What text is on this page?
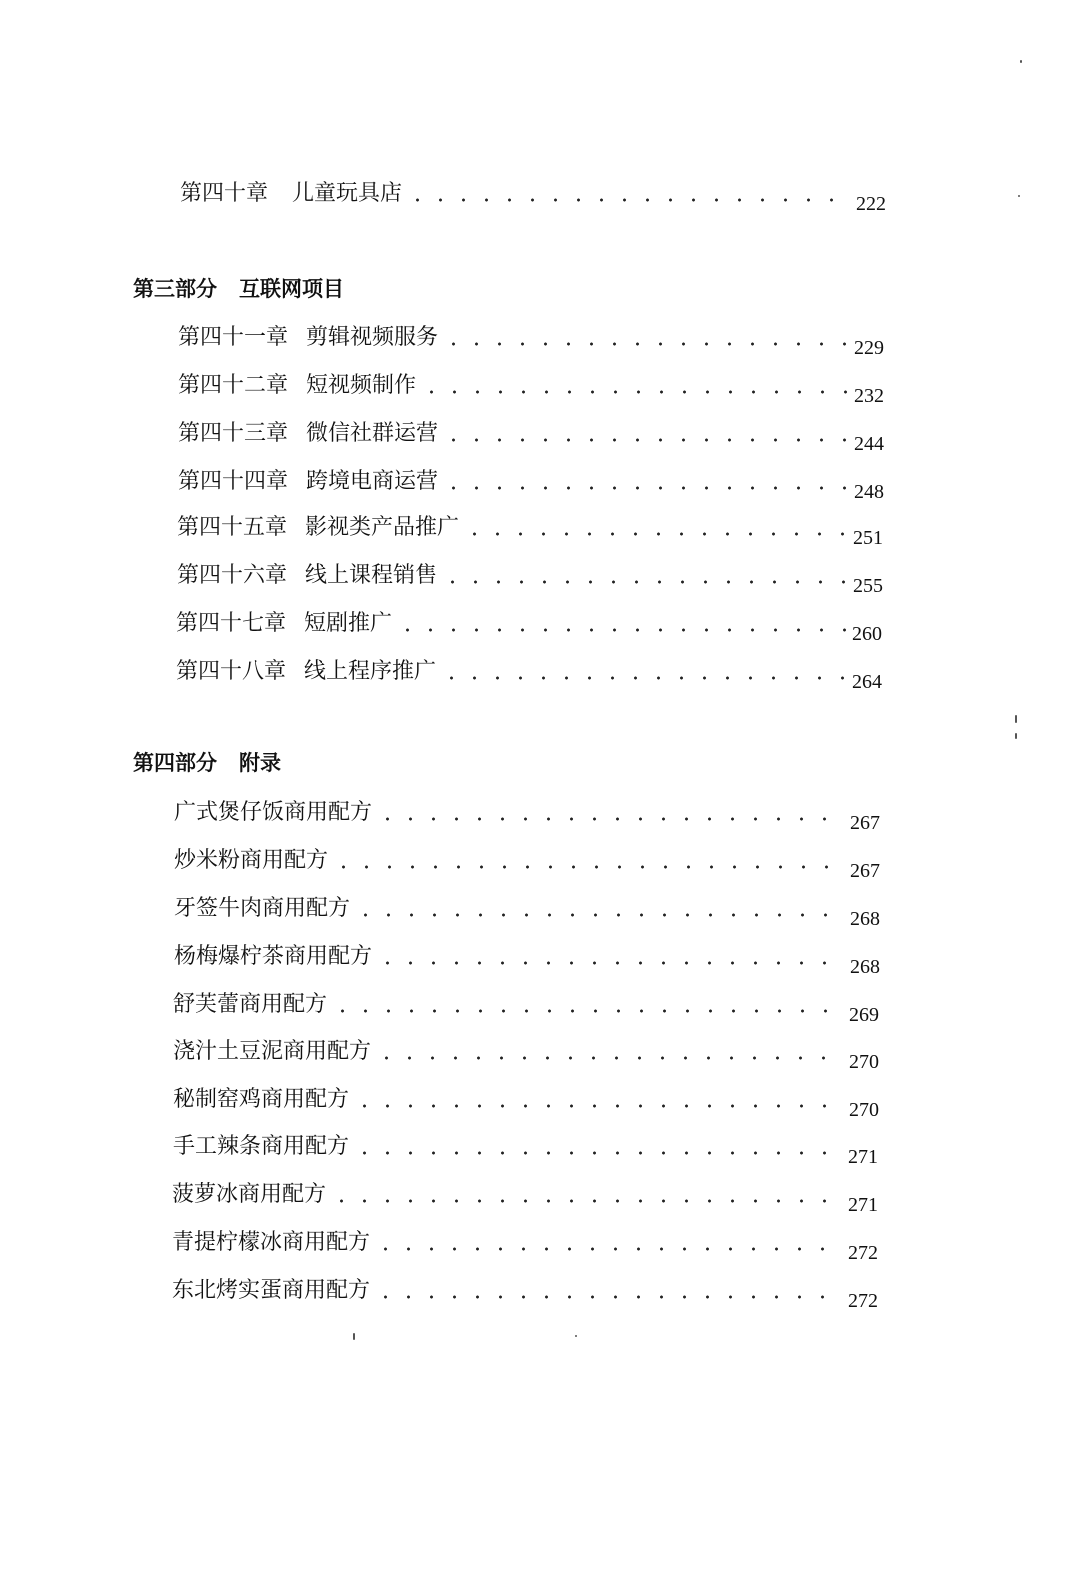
第四十章	儿童玩具店	222
第三部分 互联网项目
第四十一章 剪辑视频服务	229
第四十二章 短视频制作	232
第四十三章 微信社群运营	244
第四十四章 跨境电商运营	248
第四十五章 影视类产品推广	251
第四十六章 线上课程销售	255
第四十七章 短剧推广	260
第四十八章 线上程序推广	264
第四部分 附录
广式煲仔饭商用配方	267
炒米粉商用配方	267
牙签牛肉商用配方	268
杨梅爆柠茶商用配方	268
舒芙蕾商用配方	269
浇汁土豆泥商用配方	270
秘制窑鸡商用配方	270
手工辣条商用配方	271
菠萝冰商用配方	271
青提柠檬冰商用配方	272
东北烤实蛋商用配方	272
